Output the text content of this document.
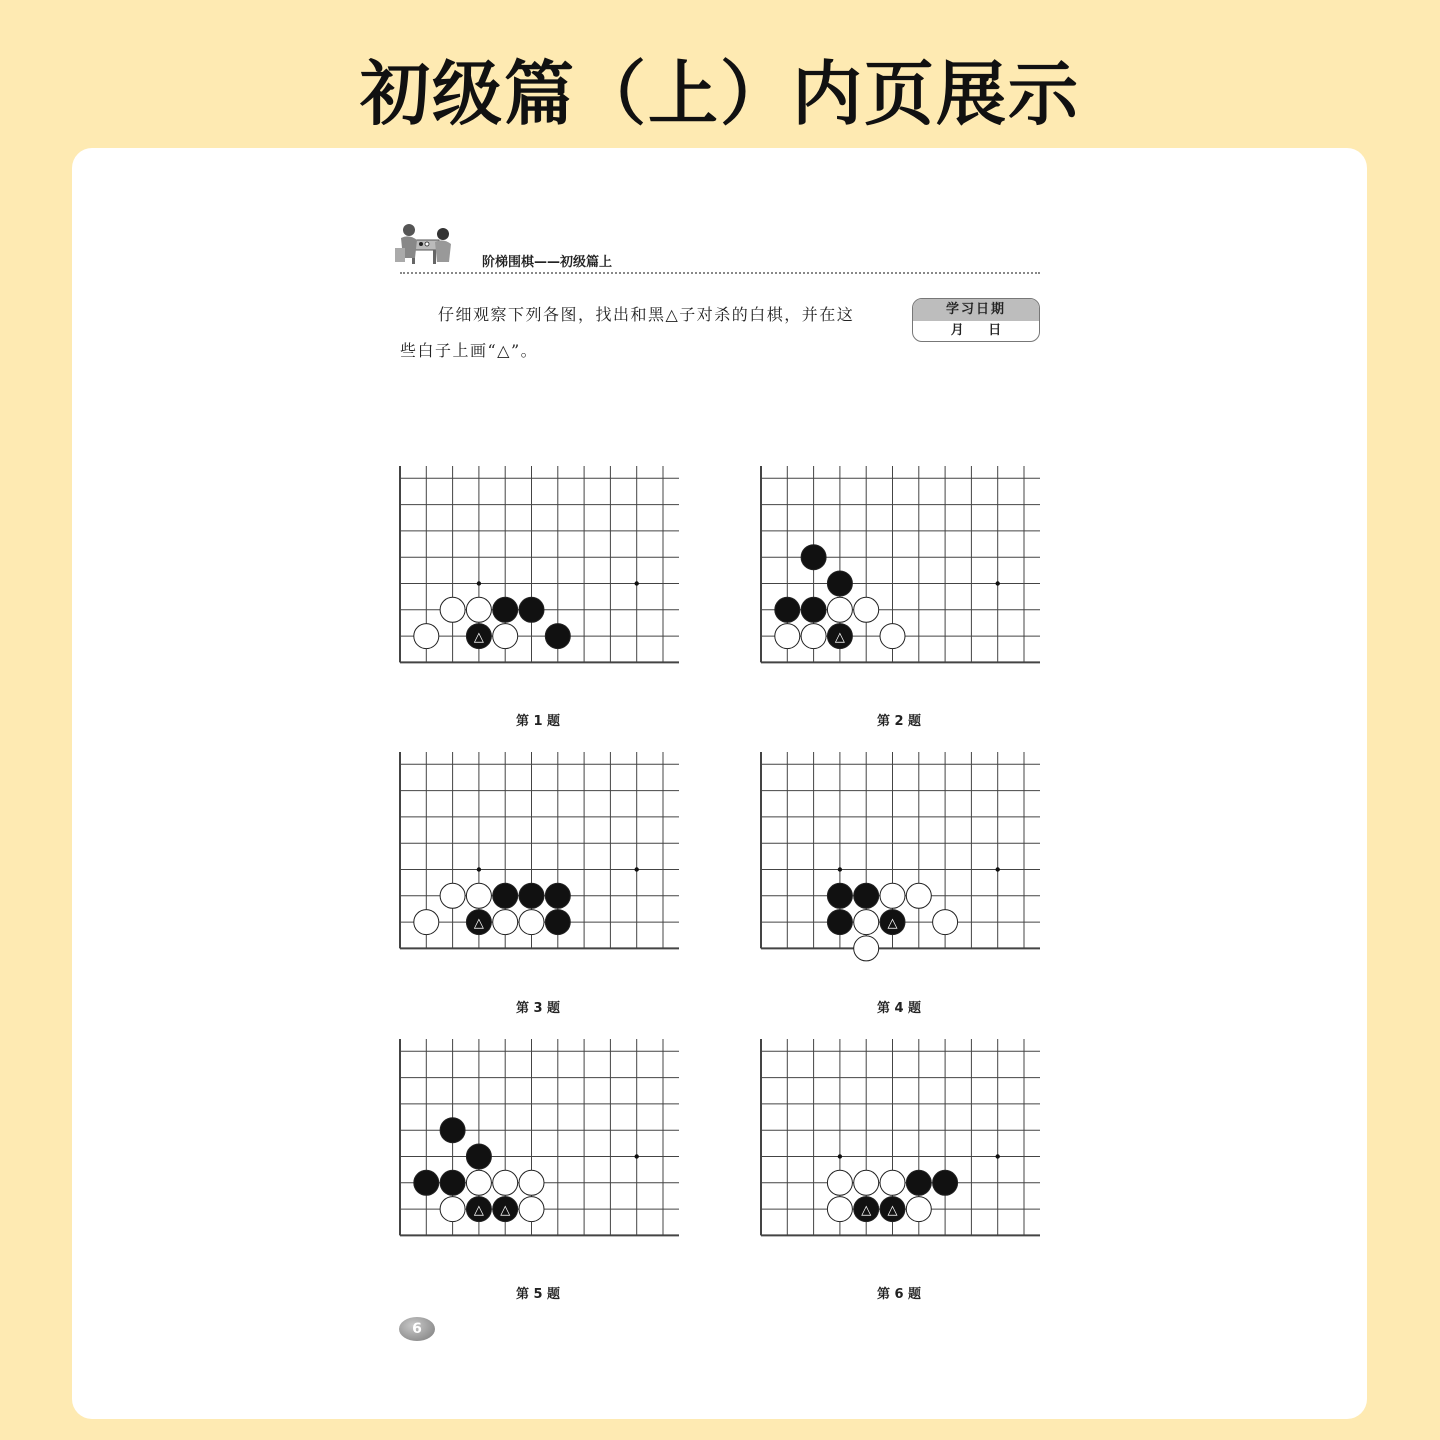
初级篇（上）内页展示
阶梯围棋——初级篇上
仔细观察下列各图，找出和黑△子对杀的白棋，并在这些白子上画“△”。
学习日期
月 日
△	△
△	△
△ △	△ △
第 1 题	第 2 题
第 3 题	第 4 题
第 5 题	第 6 题
6
